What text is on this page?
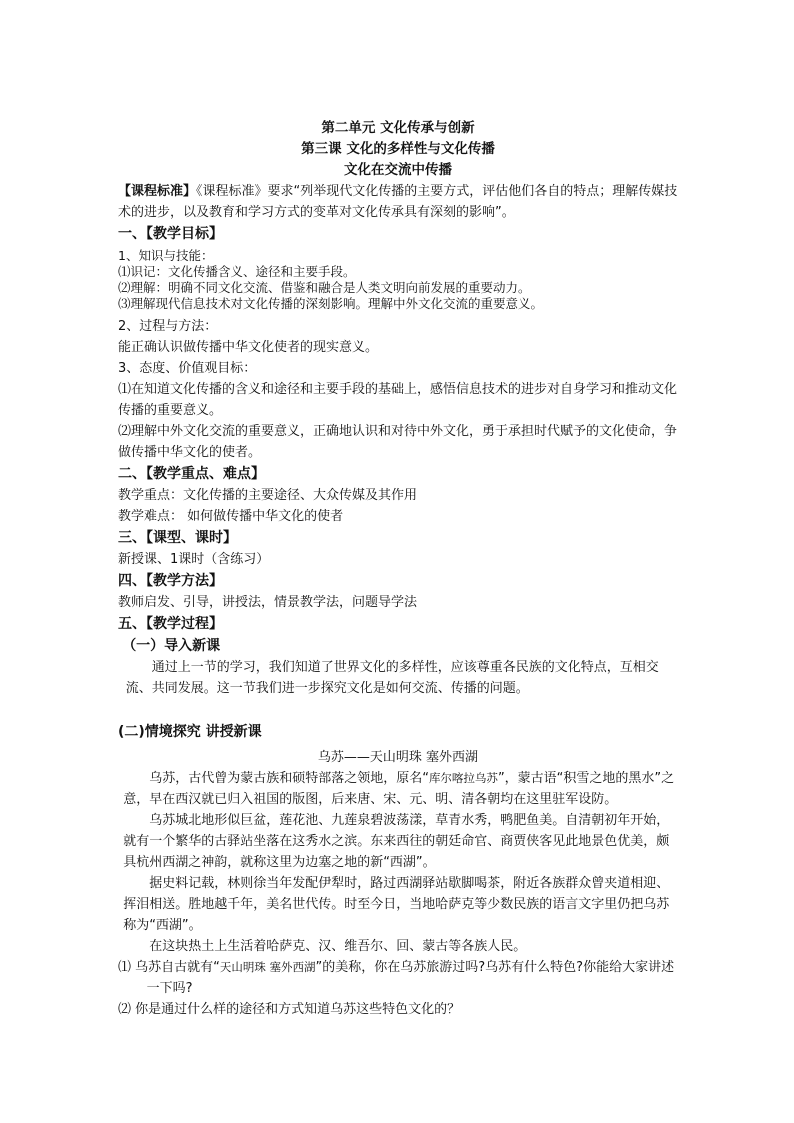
第二单元 文化传承与创新

第三课 文化的多样性与文化传播

文化在交流中传播

【课程标准】《课程标准》要求“列举现代文化传播的主要方式，评估他们各自的特点；理解传媒技术的进步，以及教育和学习方式的变革对文化传承具有深刻的影响”。

一、【教学目标】

1、知识与技能：

⑴识记：文化传播含义、途径和主要手段。

⑵理解：明确不同文化交流、借鉴和融合是人类文明向前发展的重要动力。

⑶理解现代信息技术对文化传播的深刻影响。理解中外文化交流的重要意义。

2、过程与方法：

能正确认识做传播中华文化使者的现实意义。

3、态度、价值观目标：

⑴在知道文化传播的含义和途径和主要手段的基础上，感悟信息技术的进步对自身学习和推动文化传播的重要意义。

⑵理解中外文化交流的重要意义，正确地认识和对待中外文化，勇于承担时代赋予的文化使命，争做传播中华文化的使者。

二、【教学重点、难点】

教学重点：文化传播的主要途径、大众传媒及其作用

教学难点： 如何做传播中华文化的使者

三、【课型、课时】

新授课、1课时（含练习）

四、【教学方法】

教师启发、引导，讲授法，情景教学法，问题导学法

五、【教学过程】

（一）导入新课

通过上一节的学习，我们知道了世界文化的多样性，应该尊重各民族的文化特点，互相交流、共同发展。这一节我们进一步探究文化是如何交流、传播的问题。

(二)情境探究 讲授新课

乌苏——天山明珠 塞外西湖

乌苏，古代曾为蒙古族和硕特部落之领地，原名“库尔喀拉乌苏”，蒙古语“积雪之地的黑水”之意，早在西汉就已归入祖国的版图，后来唐、宋、元、明、清各朝均在这里驻军设防。

乌苏城北地形似巨盆，莲花池、九莲泉碧波荡漾，草青水秀，鸭肥鱼美。自清朝初年开始，就有一个繁华的古驿站坐落在这秀水之滨。东来西往的朝廷命官、商贾侠客见此地景色优美，颇具杭州西湖之神韵，就称这里为边塞之地的新“西湖”。

据史料记载，林则徐当年发配伊犁时，路过西湖驿站歇脚喝茶，附近各族群众曾夹道相迎、挥泪相送。胜地越千年，美名世代传。时至今日，当地哈萨克等少数民族的语言文字里仍把乌苏称为“西湖”。

在这块热土上生活着哈萨克、汉、维吾尔、回、蒙古等各族人民。

⑴ 乌苏自古就有“天山明珠 塞外西湖”的美称，你在乌苏旅游过吗?乌苏有什么特色?你能给大家讲述一下吗?

⑵ 你是通过什么样的途径和方式知道乌苏这些特色文化的？
